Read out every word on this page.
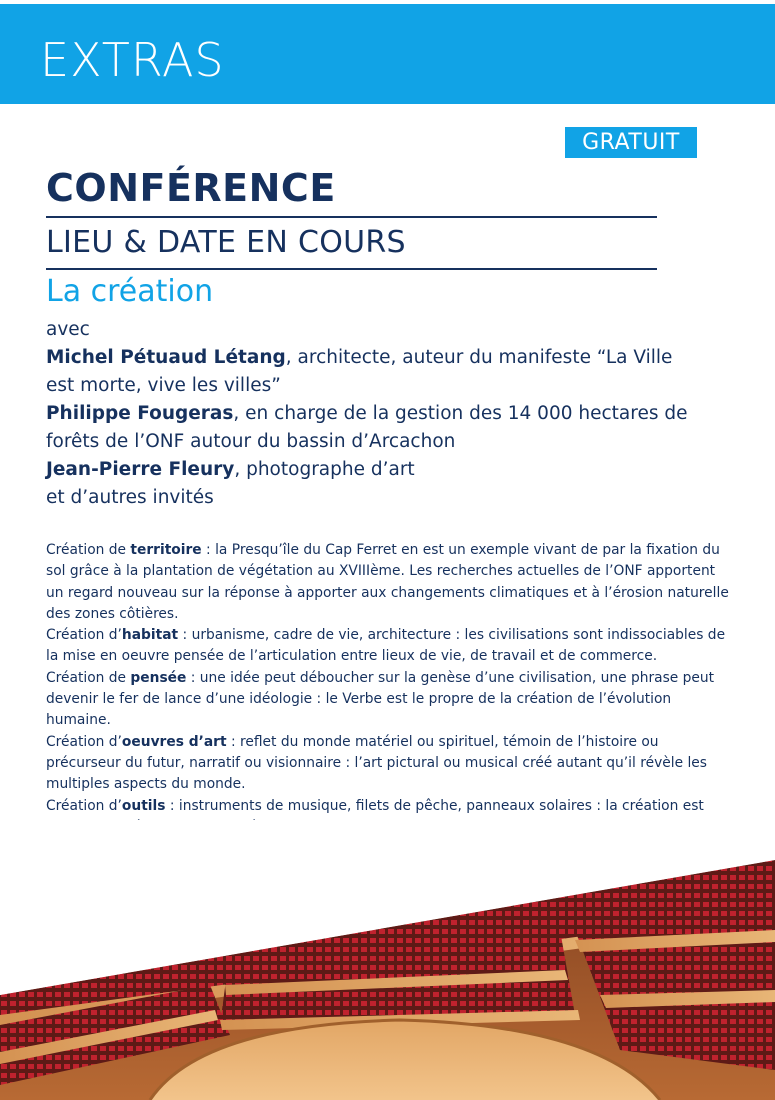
EXTRAS
GRATUIT
CONFÉRENCE
LIEU & DATE EN COURS
La création
avec
Michel Pétuaud Létang, architecte, auteur du manifeste “La Ville est morte, vive les villes”
Philippe Fougeras, en charge de la gestion des 14 000 hectares de forêts de l’ONF autour du bassin d’Arcachon
Jean-Pierre Fleury, photographe d’art
et d’autres invités
Création de territoire : la Presqu’île du Cap Ferret en est un exemple vivant de par la fixation du sol grâce à la plantation de végétation au XVIIIème. Les recherches actuelles de l’ONF apportent un regard nouveau sur la réponse à apporter aux changements climatiques et à l’érosion naturelle des zones côtières.
Création d’habitat : urbanisme, cadre de vie, architecture : les civilisations sont indissociables de la mise en oeuvre pensée de l’articulation entre lieux de vie, de travail et de commerce.
Création de pensée : une idée peut déboucher sur la genèse d’une civilisation, une phrase peut devenir le fer de lance d’une idéologie : le Verbe est le propre de la création de l’évolution humaine.
Création d’oeuvres d’art : reflet du monde matériel ou spirituel, témoin de l’histoire ou précurseur du futur, narratif ou visionnaire : l’art pictural ou musical créé autant qu’il révèle les multiples aspects du monde.
Création d’outils : instruments de musique, filets de pêche, panneaux solaires : la création est
